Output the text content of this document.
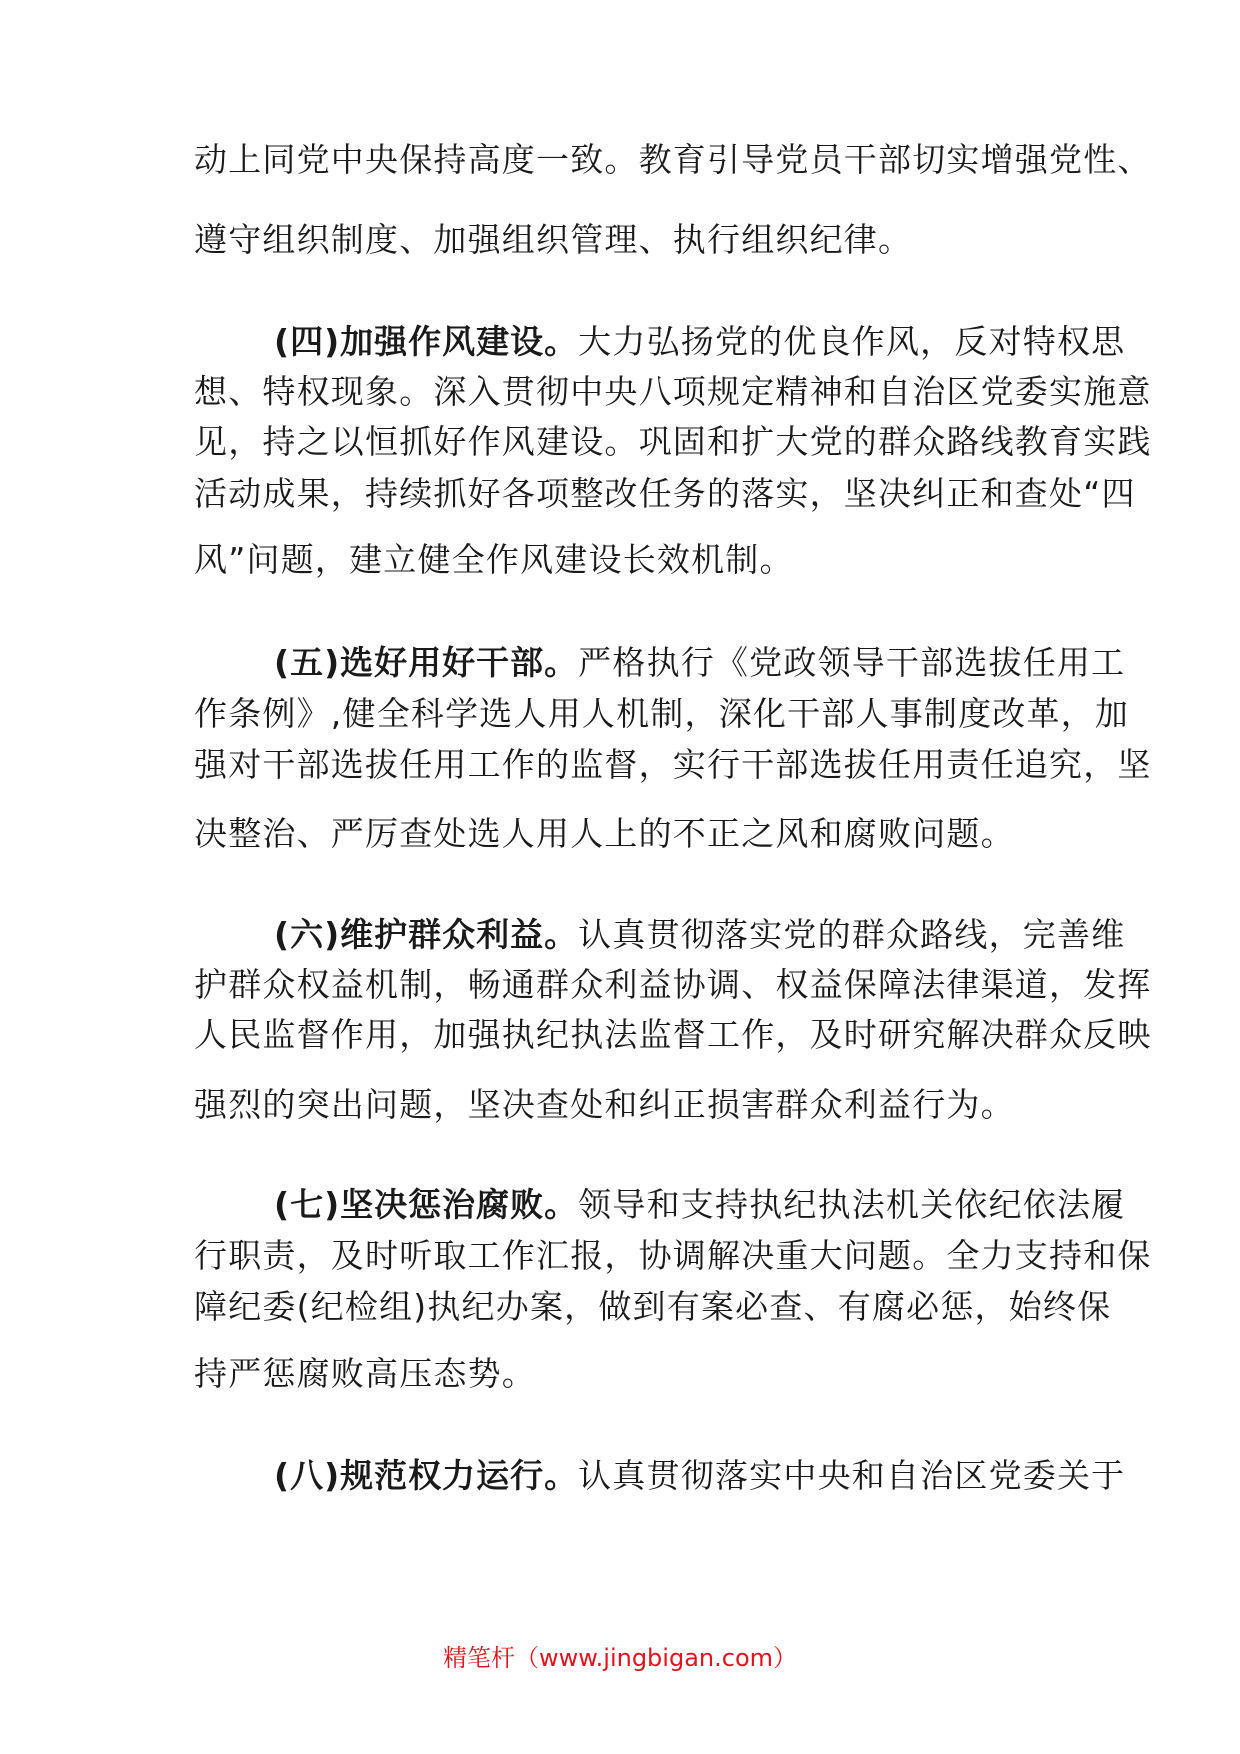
动上同党中央保持高度一致。教育引导党员干部切实增强党性、
遵守组织制度、加强组织管理、执行组织纪律。
(四)加强作风建设。大力弘扬党的优良作风，反对特权思
想、特权现象。深入贯彻中央八项规定精神和自治区党委实施意
见，持之以恒抓好作风建设。巩固和扩大党的群众路线教育实践
活动成果，持续抓好各项整改任务的落实，坚决纠正和查处“四
风”问题，建立健全作风建设长效机制。
(五)选好用好干部。严格执行《党政领导干部选拔任用工
作条例》,健全科学选人用人机制，深化干部人事制度改革，加
强对干部选拔任用工作的监督，实行干部选拔任用责任追究，坚
决整治、严厉查处选人用人上的不正之风和腐败问题。
(六)维护群众利益。认真贯彻落实党的群众路线，完善维
护群众权益机制，畅通群众利益协调、权益保障法律渠道，发挥
人民监督作用，加强执纪执法监督工作，及时研究解决群众反映
强烈的突出问题，坚决查处和纠正损害群众利益行为。
(七)坚决惩治腐败。领导和支持执纪执法机关依纪依法履
行职责，及时听取工作汇报，协调解决重大问题。全力支持和保
障纪委(纪检组)执纪办案，做到有案必查、有腐必惩，始终保
持严惩腐败高压态势。
(八)规范权力运行。认真贯彻落实中央和自治区党委关于
精笔杆（www.jingbigan.com）
